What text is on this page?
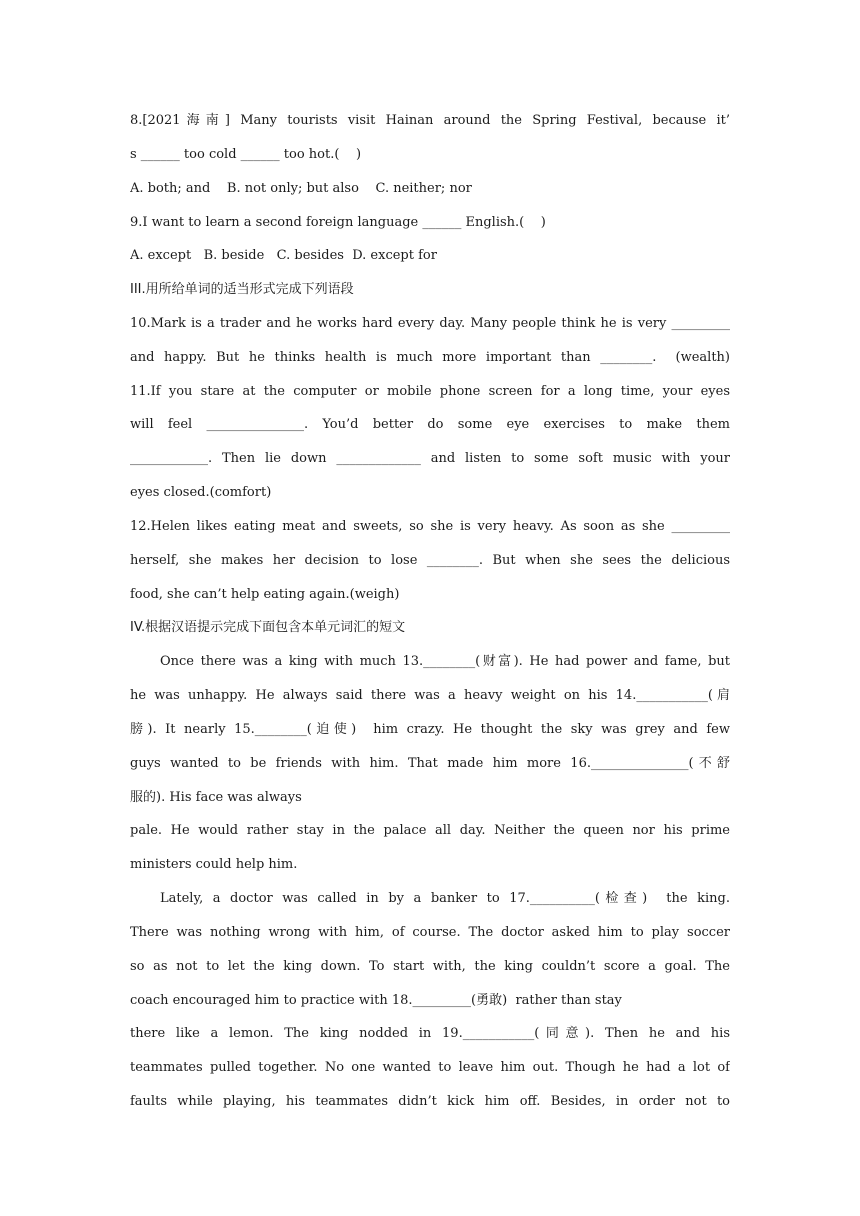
8.[2021海南] Many tourists visit Hainan around the Spring Festival, because it’
s ______ too cold ______ too hot.(    )
A. both; and    B. not only; but also    C. neither; nor
9.I want to learn a second foreign language ______ English.(    )
A. except   B. beside   C. besides  D. except for
III.用所给单词的适当形式完成下列语段
10.Mark is a trader and he works hard every day. Many people think he is very _________
and happy. But he thinks health is much more important than ________.  (wealth)
11.If you stare at the computer or mobile phone screen for a long time, your eyes
will feel _______________. You’d better do some eye exercises to make them
____________. Then lie down _____________ and listen to some soft music with your
eyes closed.(comfort)
12.Helen likes eating meat and sweets, so she is very heavy. As soon as she _________
herself, she makes her decision to lose ________. But when she sees the delicious
food, she can’t help eating again.(weigh)
IV.根据汉语提示完成下面包含本单元词汇的短文
Once there was a king with much 13.________(财富). He had power and fame, but
he was unhappy. He always said there was a heavy weight on his 14.___________(肩
膀). It nearly 15.________(迫使)  him crazy. He thought the sky was grey and few
guys wanted to be friends with him. That made him more 16._______________(不舒
服的). His face was always
pale. He would rather stay in the palace all day. Neither the queen nor his prime
ministers could help him.
Lately, a doctor was called in by a banker to 17.__________(检查)  the king.
There was nothing wrong with him, of course. The doctor asked him to play soccer
so as not to let the king down. To start with, the king couldn’t score a goal. The
coach encouraged him to practice with 18._________(勇敢)  rather than stay
there like a lemon. The king nodded in 19.___________(同意). Then he and his
teammates pulled together. No one wanted to leave him out. Though he had a lot of
faults while playing, his teammates didn’t kick him off. Besides, in order not to
